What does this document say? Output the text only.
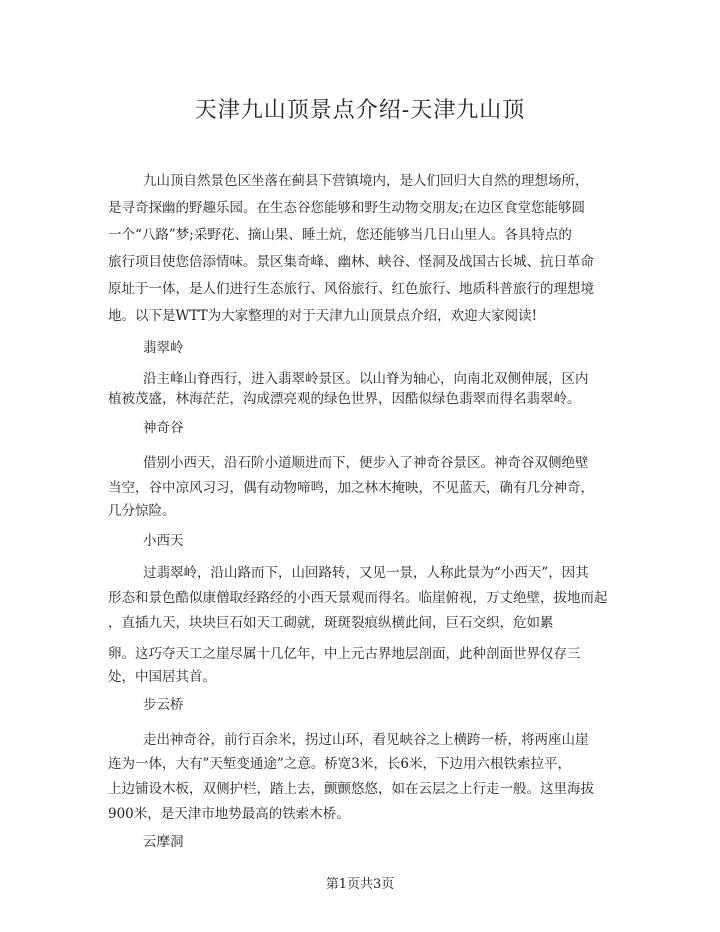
天津九山顶景点介绍-天津九山顶
九山顶自然景色区坐落在蓟县下营镇境内，是人们回归大自然的理想场所，
是寻奇探幽的野趣乐园。在生态谷您能够和野生动物交朋友;在边区食堂您能够圆
一个“八路”梦;采野花、摘山果、睡土炕，您还能够当几日山里人。各具特点的
旅行项目使您倍添情味。景区集奇峰、幽林、峡谷、怪洞及战国古长城、抗日革命
原址于一体，是人们进行生态旅行、风俗旅行、红色旅行、地质科普旅行的理想境
地。以下是WTT为大家整理的对于天津九山顶景点介绍，欢迎大家阅读!
翡翠岭
沿主峰山脊西行，进入翡翠岭景区。以山脊为轴心，向南北双侧伸展，区内
植被茂盛，林海茫茫，沟成漂亮观的绿色世界，因酷似绿色翡翠而得名翡翠岭。
神奇谷
借别小西天，沿石阶小道顺进而下，便步入了神奇谷景区。神奇谷双侧绝壁
当空，谷中凉风习习，偶有动物啼鸣，加之林木掩映，不见蓝天，确有几分神奇，
几分惊险。
小西天
过翡翠岭，沿山路而下，山回路转，又见一景，人称此景为“小西天”，因其
形态和景色酷似康僧取经路经的小西天景观而得名。临崖俯视，万丈绝壁，拔地而起
，直插九天，块块巨石如天工砌就，斑斑裂痕纵横此间，巨石交织，危如累
卵。这巧夺天工之崖尽属十几亿年，中上元古界地层剖面，此种剖面世界仅存三
处，中国居其首。
步云桥
走出神奇谷，前行百余米，拐过山环，看见峡谷之上横跨一桥，将两座山崖
连为一体，大有”天堑变通途”之意。桥宽3米，长6米，下边用六根铁索拉平，
上边铺设木板，双侧护栏，踏上去，颤颤悠悠，如在云层之上行走一般。这里海拔
900米，是天津市地势最高的铁索木桥。
云摩洞
第1页共3页
